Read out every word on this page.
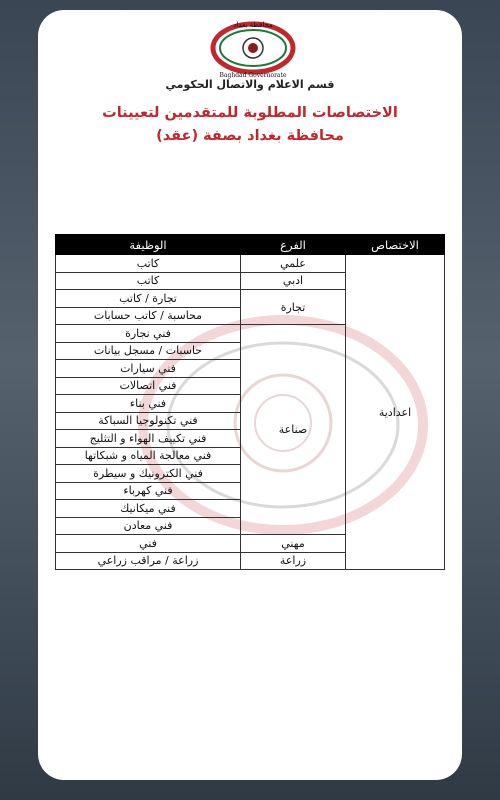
محافظة بغداد
Baghdad Governorate
قسم الاعلام والاتصال الحكومي
الاختصاصات المطلوبة للمتقدمين لتعيينات
محافظة بغداد بصفة (عقد)
الاختصاص	الفرع	الوظيفة
اعدادية	علمي	كاتب
	ادبي	كاتب
	تجارة	تجارة / كاتب
		محاسبة / كاتب حسابات
	صناعة	فني نجارة
		حاسبات / مسجل بيانات
		فني سيارات
		فني اتصالات
		فني بناء
		فني تكنولوجيا السباكة
		فني تكييف الهواء و التثليج
		فني معالجة المياه و شبكاتها
		فني الكترونيك و سيطرة
		فني كهرباء
		فني ميكانيك
		فني معادن
	مهني	فني
	زراعة	زراعة / مراقب زراعي
